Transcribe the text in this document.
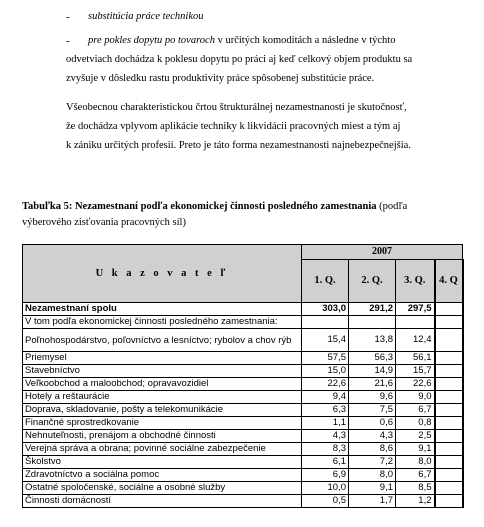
- substitúcia práce technikou
- pre pokles dopytu po tovaroch v určitých komoditách a následne v týchto
odvetviach dochádza k poklesu dopytu po práci aj keď celkový objem produktu sa
zvyšuje v dôsledku rastu produktivity práce spôsobenej substitúcie práce.
Všeobecnou charakteristickou črtou štrukturálnej nezamestnanosti je skutočnosť,
že dochádza vplyvom aplikácie techniky k likvidácii pracovných miest a tým aj
k zániku určitých profesií. Preto je táto forma nezamestnanosti najnebezpečnejšia.
Tabuľka 5: Nezamestnaní podľa ekonomickej činnosti posledného zamestnania (podľa
výberového zisťovania pracovných síl)
U k a z o v a t e ľ	2007			
	1. Q.	2. Q.	3. Q.	4. Q
Nezamestnaní spolu	303,0	291,2	297,5	
V tom podľa ekonomickej činnosti posledného zamestnania:				
Poľnohospodárstvo, poľovníctvo a lesníctvo; rybolov a chov rýb	15,4	13,8	12,4	
Priemysel	57,5	56,3	56,1	
Stavebníctvo	15,0	14,9	15,7	
Veľkoobchod a maloobchod; opravavozidiel	22,6	21,6	22,6	
Hotely a reštaurácie	9,4	9,6	9,0	
Doprava, skladovanie, pošty a telekomunikácie	6,3	7,5	6,7	
Finančné sprostredkovanie	1,1	0,6	0,8	
Nehnuteľnosti, prenájom a obchodné činnosti	4,3	4,3	2,5	
Verejná správa a obrana; povinné sociálne zabezpečenie	8,3	8,6	9,1	
Školstvo	6,1	7,2	8,0	
Zdravotníctvo a sociálna pomoc	6,9	8,0	6,7	
Ostatné spoločenské, sociálne a osobné služby	10,0	9,1	8,5	
Činnosti domácností	0,5	1,7	1,2	
